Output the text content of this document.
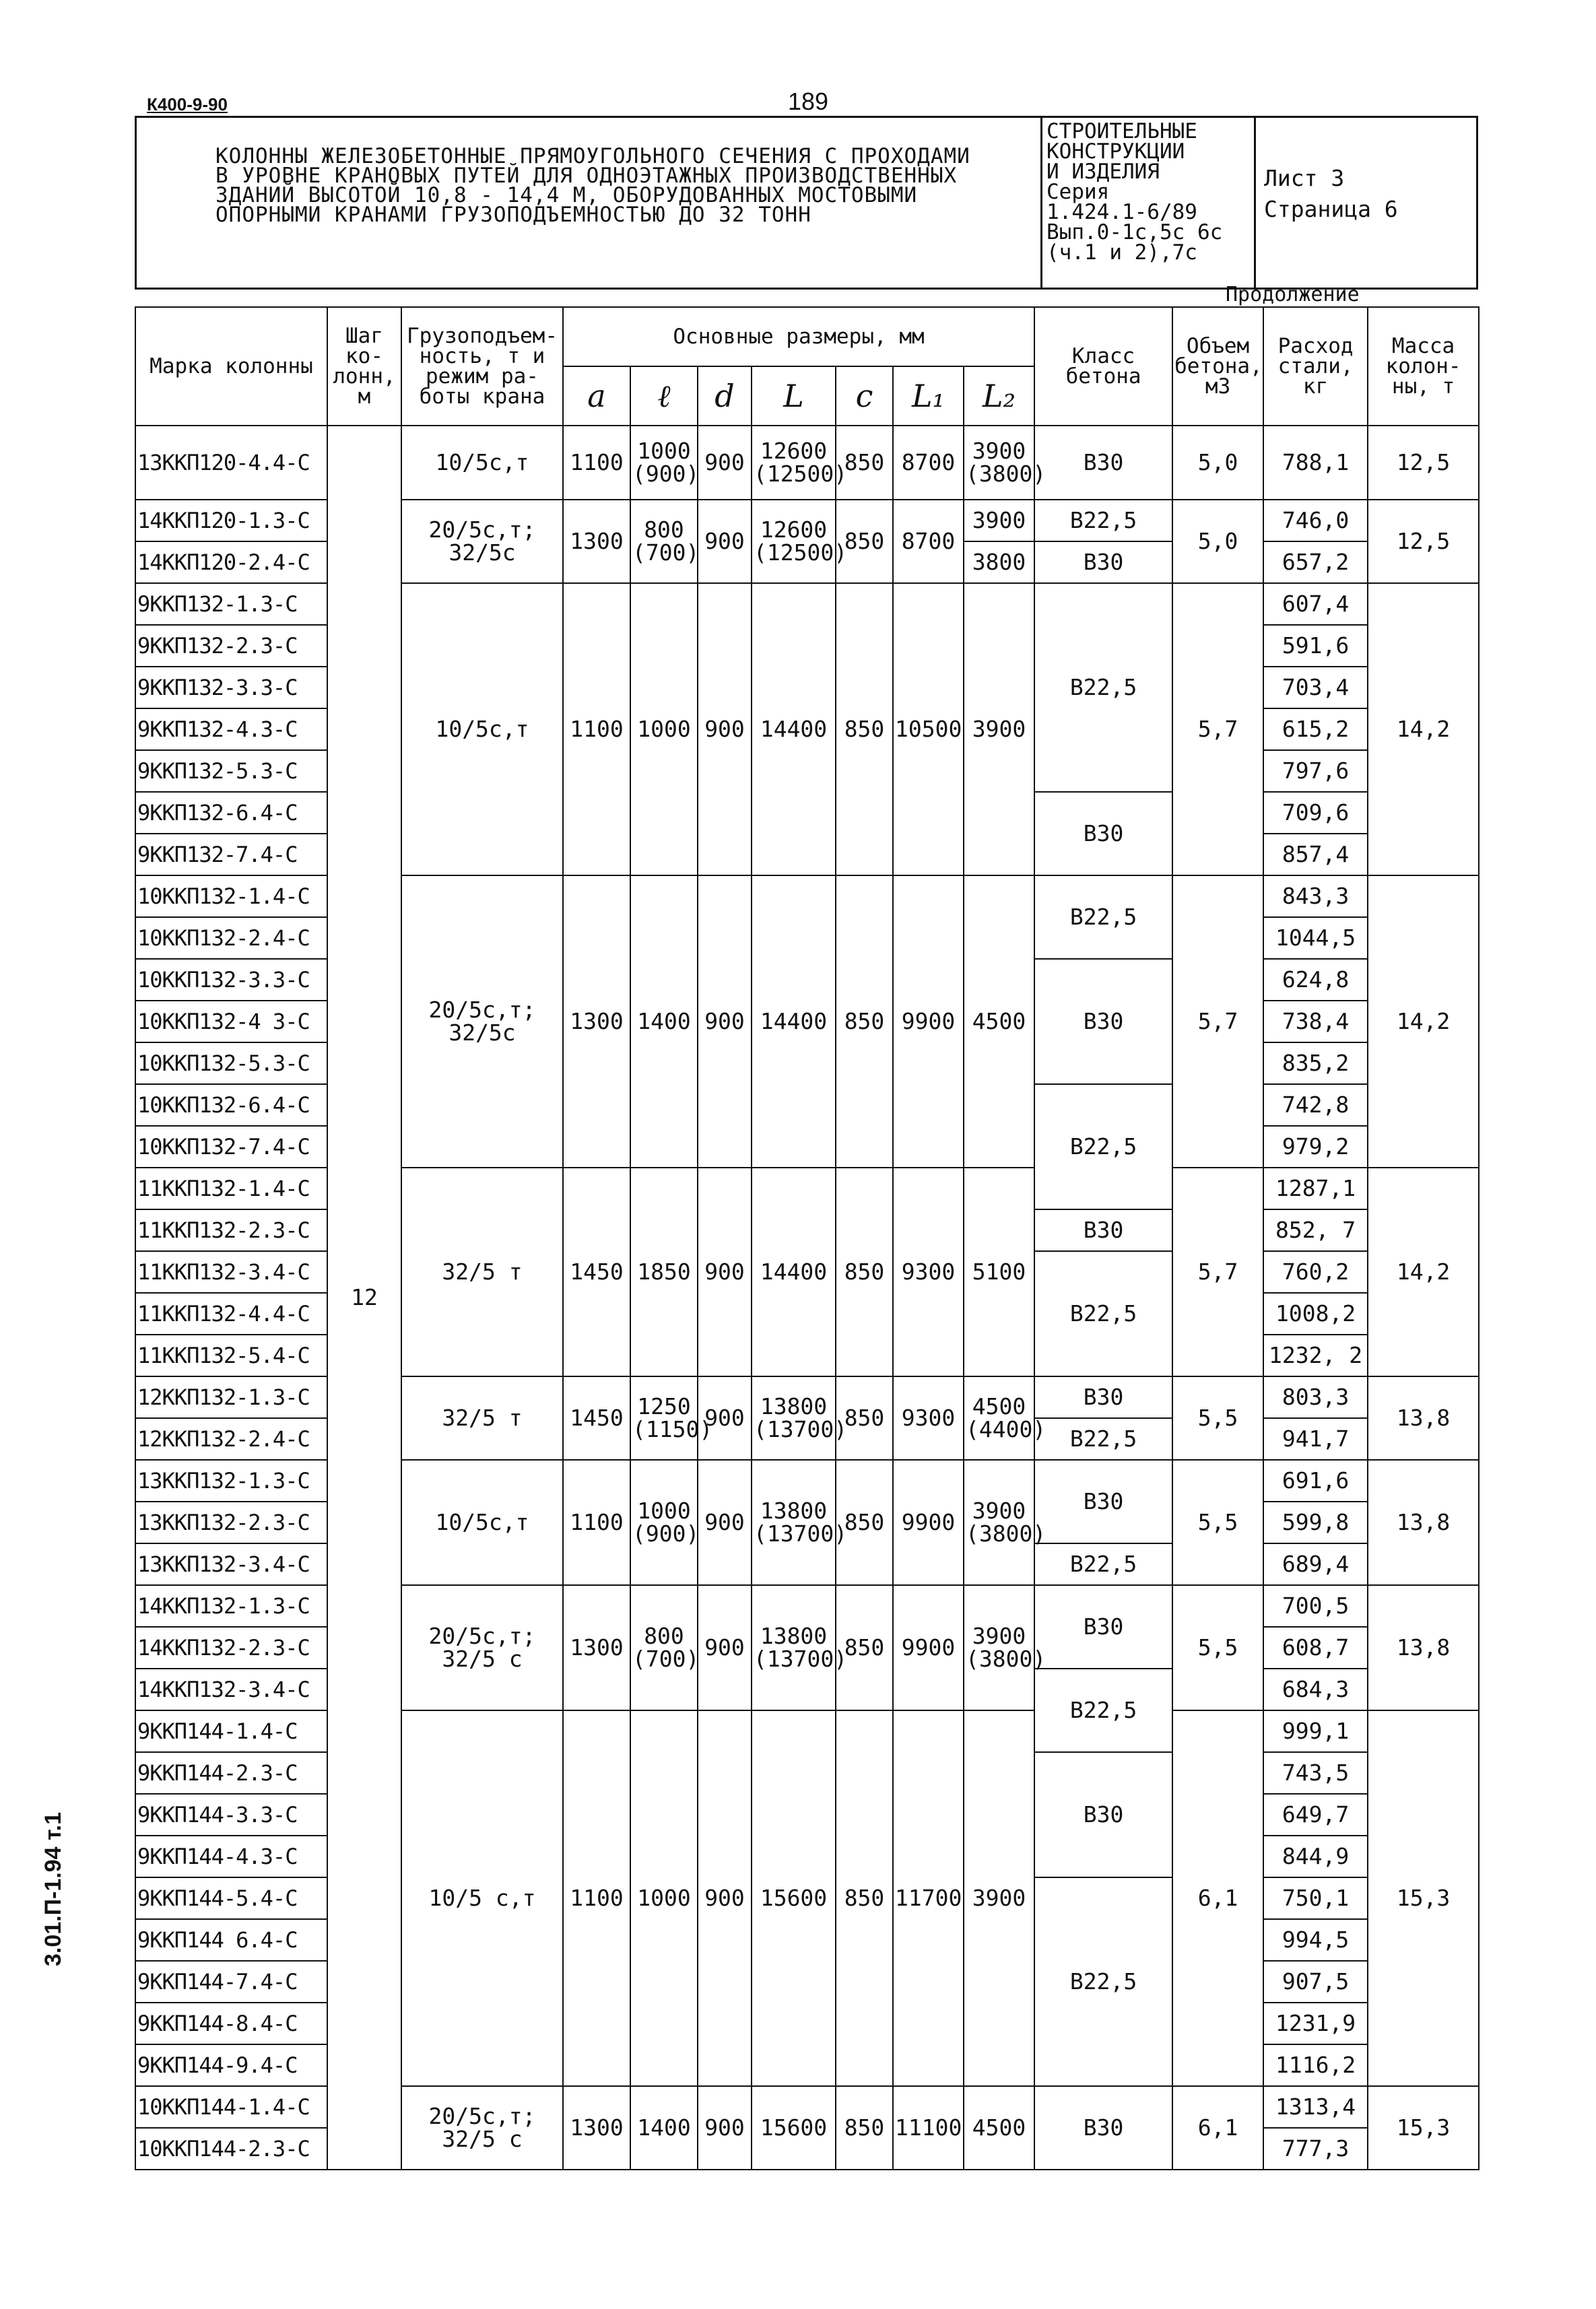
К400-9-90	189
КОЛОННЫ ЖЕЛЕЗОБЕТОННЫЕ ПРЯМОУГОЛЬНОГО СЕЧЕНИЯ С ПРОХОДАМИ
В УРОВНЕ КРАНОВЫХ ПУТЕЙ ДЛЯ ОДНОЭТАЖНЫХ ПРОИЗВОДСТВЕННЫХ
ЗДАНИЙ ВЫСОТОЙ 10,8 - 14,4 М, ОБОРУДОВАННЫХ МОСТОВЫМИ
ОПОРНЫМИ КРАНАМИ ГРУЗОПОДЪЕМНОСТЬЮ ДО 32 ТОНН
СТРОИТЕЛЬНЫЕ
КОНСТРУКЦИИ
И ИЗДЕЛИЯ
Серия
1.424.1-6/89
Вып.0-1с,5с 6с
(ч.1 и 2),7с
Лист 3
Страница 6
Продолжение
3.01.П-1.94 т.1
Марка колонны	Шаг ко-лонн, м	Грузоподъем-ность, т и режим ра-боты крана	Основные размеры, мм							Класс бетона	Объем бетона, м3	Расход стали, кг	Масса колон-ны, т
			a	ℓ	d	L	c	L₁	L₂				
13ККП120-4.4-С	12	10/5с,т	1100	1000 (900)	900	12600 (12500)	850	8700	3900 (3800)	B30	5,0	788,1	12,5
14ККП120-1.3-С		20/5с,т; 32/5с	1300	800 (700)	900	12600 (12500)	850	8700	3900	B22,5	5,0	746,0	12,5
14ККП120-2.4-С									3800	B30		657,2	
9ККП132-1.3-С		10/5с,т	1100	1000	900	14400	850	10500	3900	B22,5	5,7	607,4	14,2
9ККП132-2.3-С												591,6	
9ККП132-3.3-С												703,4	
9ККП132-4.3-С												615,2	
9ККП132-5.3-С												797,6	
9ККП132-6.4-С										B30		709,6	
9ККП132-7.4-С												857,4	
10ККП132-1.4-С		20/5с,т; 32/5с	1300	1400	900	14400	850	9900	4500	B22,5	5,7	843,3	14,2
10ККП132-2.4-С												1044,5	
10ККП132-3.3-С										B30		624,8	
10ККП132-4 3-С												738,4	
10ККП132-5.3-С												835,2	
10ККП132-6.4-С										B22,5		742,8	
10ККП132-7.4-С												979,2	
11ККП132-1.4-С		32/5 т	1450	1850	900	14400	850	9300	5100		5,7	1287,1	14,2
11ККП132-2.3-С										B30		852, 7	
11ККП132-3.4-С										B22,5		760,2	
11ККП132-4.4-С												1008,2	
11ККП132-5.4-С												1232, 2	
12ККП132-1.3-С		32/5 т	1450	1250 (1150)	900	13800 (13700)	850	9300	4500 (4400)	B30	5,5	803,3	13,8
12ККП132-2.4-С										B22,5		941,7	
13ККП132-1.3-С		10/5с,т	1100	1000 (900)	900	13800 (13700)	850	9900	3900 (3800)	B30	5,5	691,6	13,8
13ККП132-2.3-С												599,8	
13ККП132-3.4-С										B22,5		689,4	
14ККП132-1.3-С		20/5с,т; 32/5 с	1300	800 (700)	900	13800 (13700)	850	9900	3900 (3800)	B30	5,5	700,5	13,8
14ККП132-2.3-С												608,7	
14ККП132-3.4-С										B22,5		684,3	
9ККП144-1.4-С		10/5 с,т	1100	1000	900	15600	850	11700	3900		6,1	999,1	15,3
9ККП144-2.3-С										B30		743,5	
9ККП144-3.3-С												649,7	
9ККП144-4.3-С												844,9	
9ККП144-5.4-С										B22,5		750,1	
9ККП144 6.4-С												994,5	
9ККП144-7.4-С												907,5	
9ККП144-8.4-С												1231,9	
9ККП144-9.4-С												1116,2	
10ККП144-1.4-С		20/5с,т; 32/5 с	1300	1400	900	15600	850	11100	4500	B30	6,1	1313,4	15,3
10ККП144-2.3-С												777,3	
